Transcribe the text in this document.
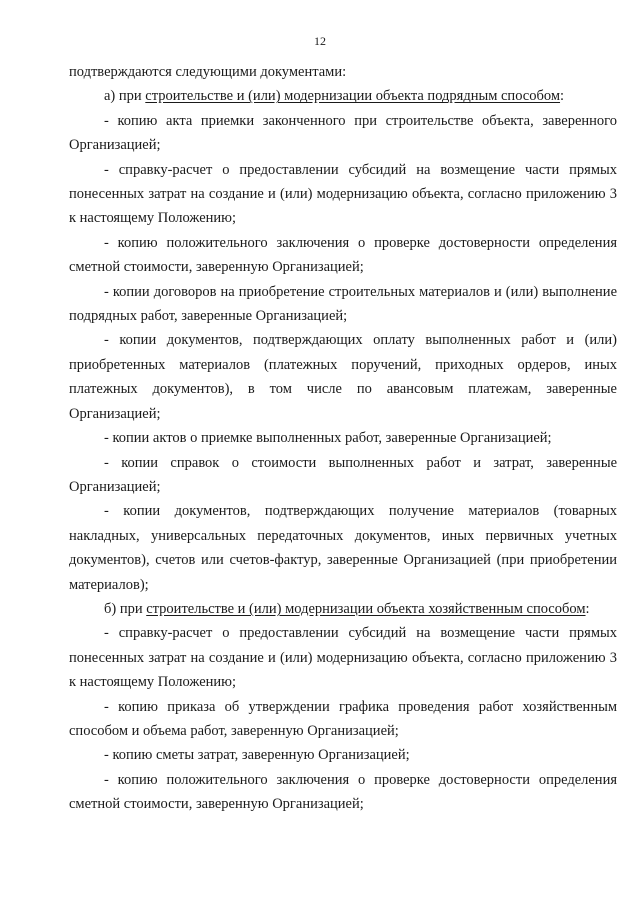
12

подтверждаются следующими документами:

а) при строительстве и (или) модернизации объекта подрядным способом:

- копию акта приемки законченного при строительстве объекта, заверенного Организацией;

- справку-расчет о предоставлении субсидий на возмещение части прямых понесенных затрат на создание и (или) модернизацию объекта, согласно приложению 3 к настоящему Положению;

- копию положительного заключения о проверке достоверности определения сметной стоимости, заверенную Организацией;

- копии договоров на приобретение строительных материалов и (или) выполнение подрядных работ, заверенные Организацией;

- копии документов, подтверждающих оплату выполненных работ и (или) приобретенных материалов (платежных поручений, приходных ордеров, иных платежных документов), в том числе по авансовым платежам, заверенные Организацией;

- копии актов о приемке выполненных работ, заверенные Организацией;

- копии справок о стоимости выполненных работ и затрат, заверенные Организацией;

- копии документов, подтверждающих получение материалов (товарных накладных, универсальных передаточных документов, иных первичных учетных документов), счетов или счетов-фактур, заверенные Организацией (при приобретении материалов);

б) при строительстве и (или) модернизации объекта хозяйственным способом:

- справку-расчет о предоставлении субсидий на возмещение части прямых понесенных затрат на создание и (или) модернизацию объекта, согласно приложению 3 к настоящему Положению;

- копию приказа об утверждении графика проведения работ хозяйственным способом и объема работ, заверенную Организацией;

- копию сметы затрат, заверенную Организацией;

- копию положительного заключения о проверке достоверности определения сметной стоимости, заверенную Организацией;
